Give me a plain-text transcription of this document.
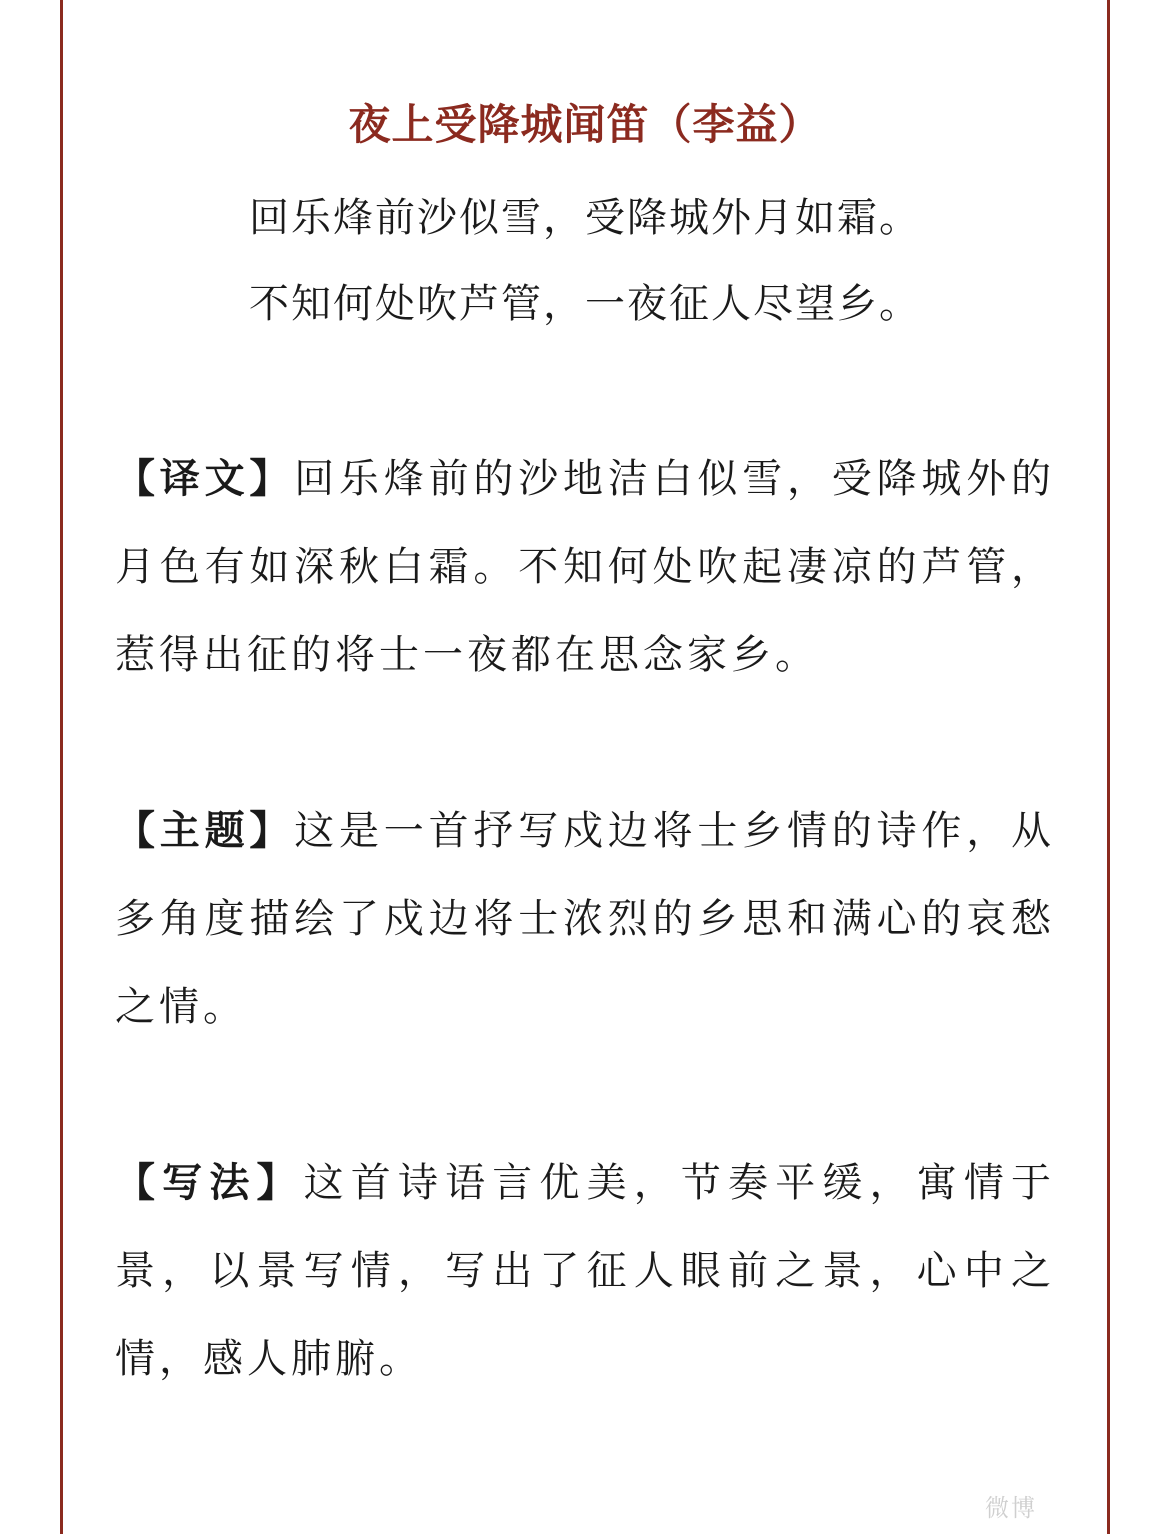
夜上受降城闻笛（李益）

回乐烽前沙似雪，受降城外月如霜。

不知何处吹芦管，一夜征人尽望乡。

【译文】回乐烽前的沙地洁白似雪，受降城外的月色有如深秋白霜。不知何处吹起凄凉的芦管，惹得出征的将士一夜都在思念家乡。
【主题】这是一首抒写戍边将士乡情的诗作，从多角度描绘了戍边将士浓烈的乡思和满心的哀愁之情。
【写法】这首诗语言优美，节奏平缓，寓情于景，以景写情，写出了征人眼前之景，心中之情，感人肺腑。
微博
